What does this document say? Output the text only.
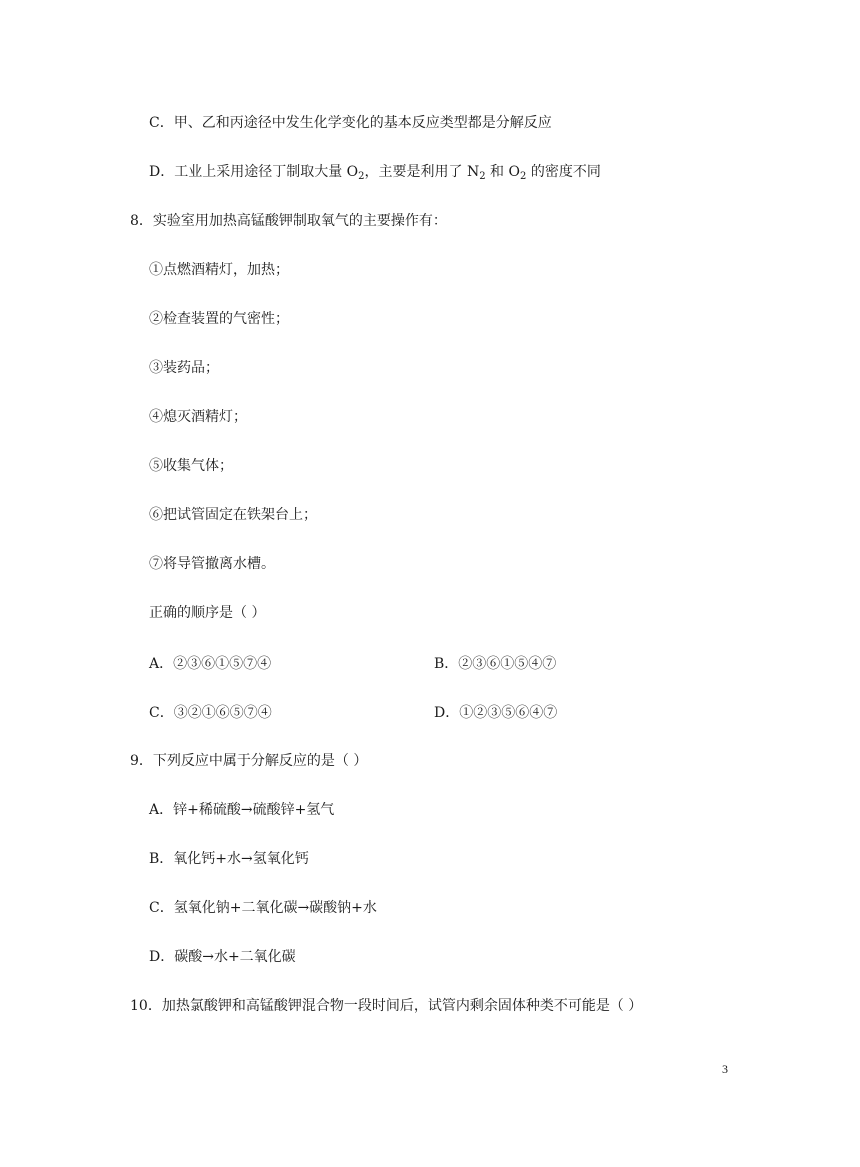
C．甲、乙和丙途径中发生化学变化的基本反应类型都是分解反应
D．工业上采用途径丁制取大量 $O_2$，主要是利用了 $N_2$ 和 $O_2$ 的密度不同
8．实验室用加热高锰酸钾制取氧气的主要操作有：
①点燃酒精灯，加热；
②检查装置的气密性；
③装药品；
④熄灭酒精灯；
⑤收集气体；
⑥把试管固定在铁架台上；
⑦将导管撤离水槽。
正确的顺序是（ ）
A．②③⑥①⑤⑦④	B．②③⑥①⑤④⑦
C．③②①⑥⑤⑦④	D．①②③⑤⑥④⑦
9．下列反应中属于分解反应的是（ ）
A．锌+稀硫酸→硫酸锌+氢气
B．氧化钙+水→氢氧化钙
C．氢氧化钠+二氧化碳→碳酸钠+水
D．碳酸→水+二氧化碳
10．加热氯酸钾和高锰酸钾混合物一段时间后，试管内剩余固体种类不可能是（ ）
3
